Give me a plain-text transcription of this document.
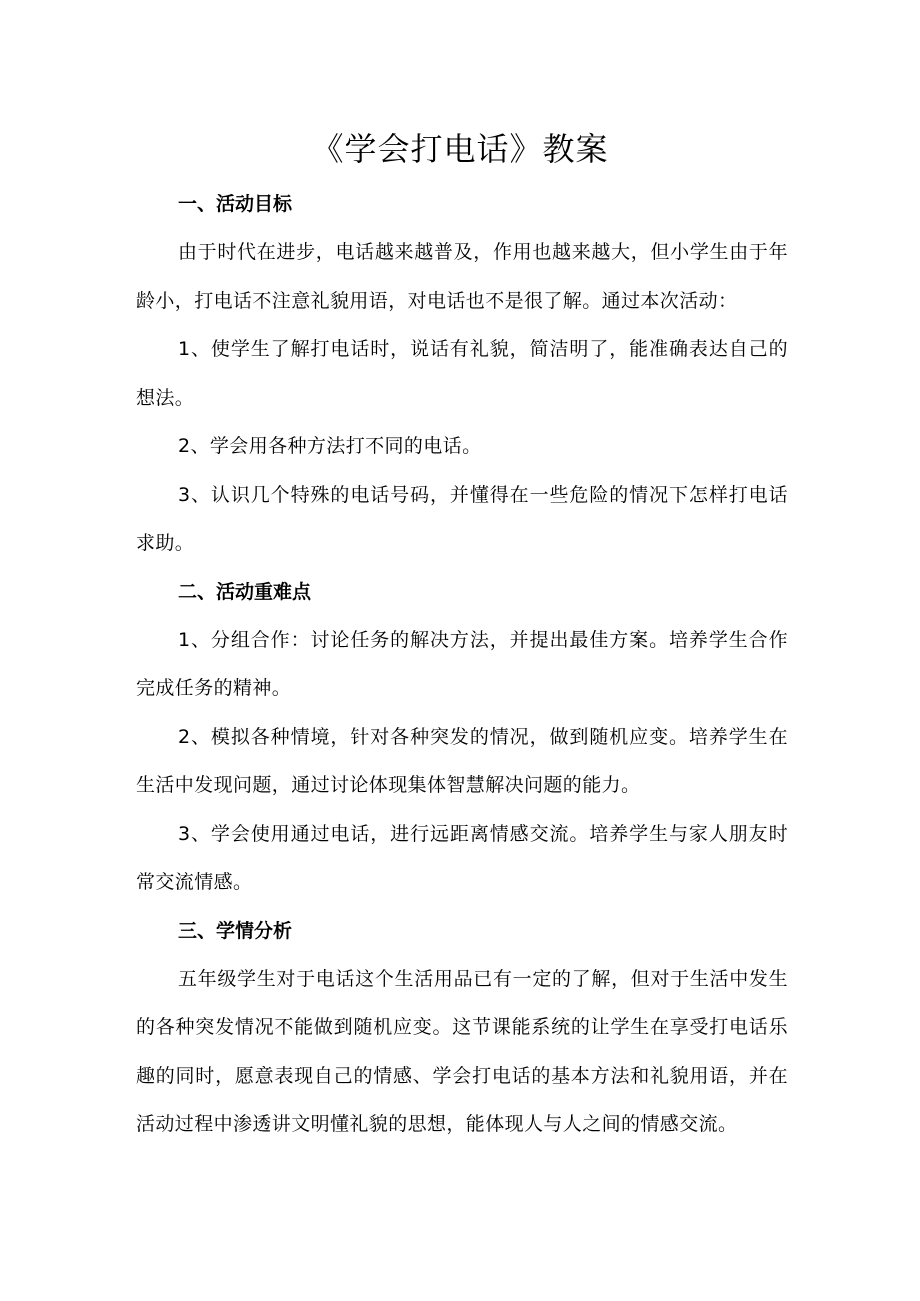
《学会打电话》教案
一、活动目标

由于时代在进步，电话越来越普及，作用也越来越大，但小学生由于年龄小，打电话不注意礼貌用语，对电话也不是很了解。通过本次活动：

1、使学生了解打电话时，说话有礼貌，简洁明了，能准确表达自己的想法。

2、学会用各种方法打不同的电话。

3、认识几个特殊的电话号码，并懂得在一些危险的情况下怎样打电话求助。

二、活动重难点

1、分组合作：讨论任务的解决方法，并提出最佳方案。培养学生合作完成任务的精神。

2、模拟各种情境，针对各种突发的情况，做到随机应变。培养学生在生活中发现问题，通过讨论体现集体智慧解决问题的能力。

3、学会使用通过电话，进行远距离情感交流。培养学生与家人朋友时常交流情感。

三、学情分析

五年级学生对于电话这个生活用品已有一定的了解，但对于生活中发生的各种突发情况不能做到随机应变。这节课能系统的让学生在享受打电话乐趣的同时，愿意表现自己的情感、学会打电话的基本方法和礼貌用语，并在活动过程中渗透讲文明懂礼貌的思想，能体现人与人之间的情感交流。
